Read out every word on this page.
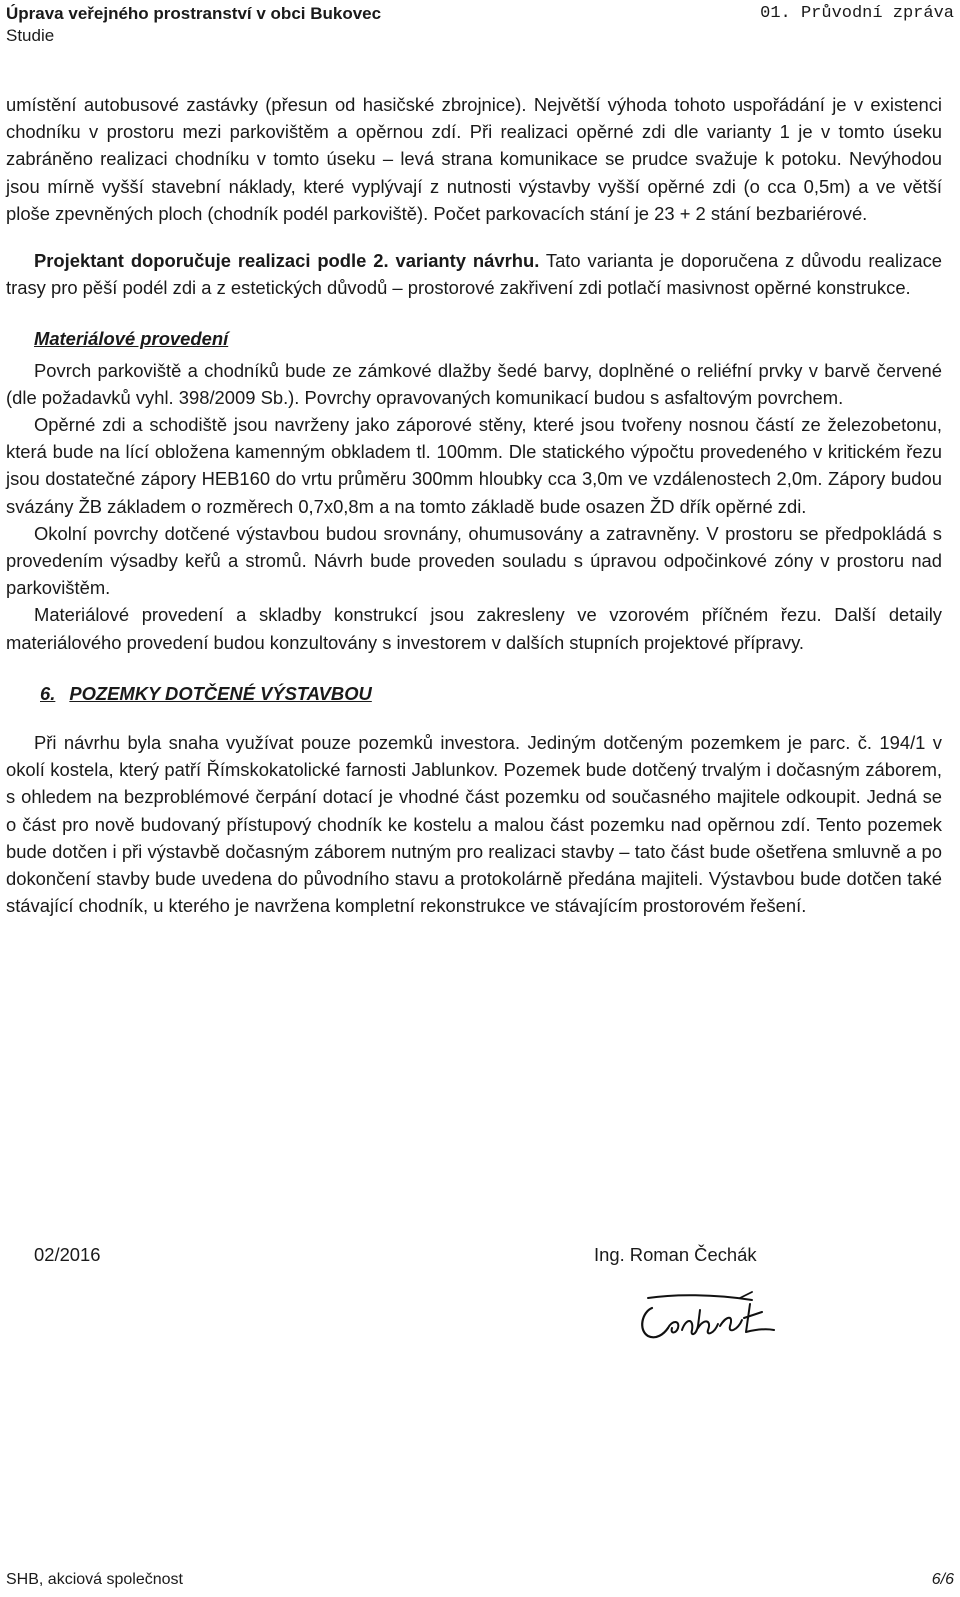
Úprava veřejného prostranství v obci Bukovec
Studie
01. Průvodní zpráva

umístění autobusové zastávky (přesun od hasičské zbrojnice). Největší výhoda tohoto uspořádání je v existenci chodníku v prostoru mezi parkovištěm a opěrnou zdí. Při realizaci opěrné zdi dle varianty 1 je v tomto úseku zabráněno realizaci chodníku v tomto úseku – levá strana komunikace se prudce svažuje k potoku. Nevýhodou jsou mírně vyšší stavební náklady, které vyplývají z nutnosti výstavby vyšší opěrné zdi (o cca 0,5m) a ve větší ploše zpevněných ploch (chodník podél parkoviště). Počet parkovacích stání je 23 + 2 stání bezbariérové.

Projektant doporučuje realizaci podle 2. varianty návrhu. Tato varianta je doporučena z důvodu realizace trasy pro pěší podél zdi a z estetických důvodů – prostorové zakřivení zdi potlačí masivnost opěrné konstrukce.

Materiálové provedení

Povrch parkoviště a chodníků bude ze zámkové dlažby šedé barvy, doplněné o reliéfní prvky v barvě červené (dle požadavků vyhl. 398/2009 Sb.). Povrchy opravovaných komunikací budou s asfaltovým povrchem.

Opěrné zdi a schodiště jsou navrženy jako záporové stěny, které jsou tvořeny nosnou částí ze železobetonu, která bude na lící obložena kamenným obkladem tl. 100mm. Dle statického výpočtu provedeného v kritickém řezu jsou dostatečné zápory HEB160 do vrtu průměru 300mm hloubky cca 3,0m ve vzdálenostech 2,0m. Zápory budou svázány ŽB základem o rozměrech 0,7x0,8m a na tomto základě bude osazen ŽD dřík opěrné zdi.

Okolní povrchy dotčené výstavbou budou srovnány, ohumusovány a zatravněny. V prostoru se předpokládá s provedením výsadby keřů a stromů. Návrh bude proveden souladu s úpravou odpočinkové zóny v prostoru nad parkovištěm.

Materiálové provedení a skladby konstrukcí jsou zakresleny ve vzorovém příčném řezu. Další detaily materiálového provedení budou konzultovány s investorem v dalších stupních projektové přípravy.

6. POZEMKY DOTČENÉ VÝSTAVBOU

Při návrhu byla snaha využívat pouze pozemků investora. Jediným dotčeným pozemkem je parc. č. 194/1 v okolí kostela, který patří Římskokatolické farnosti Jablunkov. Pozemek bude dotčený trvalým i dočasným záborem, s ohledem na bezproblémové čerpání dotací je vhodné část pozemku od současného majitele odkoupit. Jedná se o část pro nově budovaný přístupový chodník ke kostelu a malou část pozemku nad opěrnou zdí. Tento pozemek bude dotčen i při výstavbě dočasným záborem nutným pro realizaci stavby – tato část bude ošetřena smluvně a po dokončení stavby bude uvedena do původního stavu a protokolárně předána majiteli. Výstavbou bude dotčen také stávající chodník, u kterého je navržena kompletní rekonstrukce ve stávajícím prostorovém řešení.

02/2016	Ing. Roman Čechák
SHB, akciová společnost	6/6
